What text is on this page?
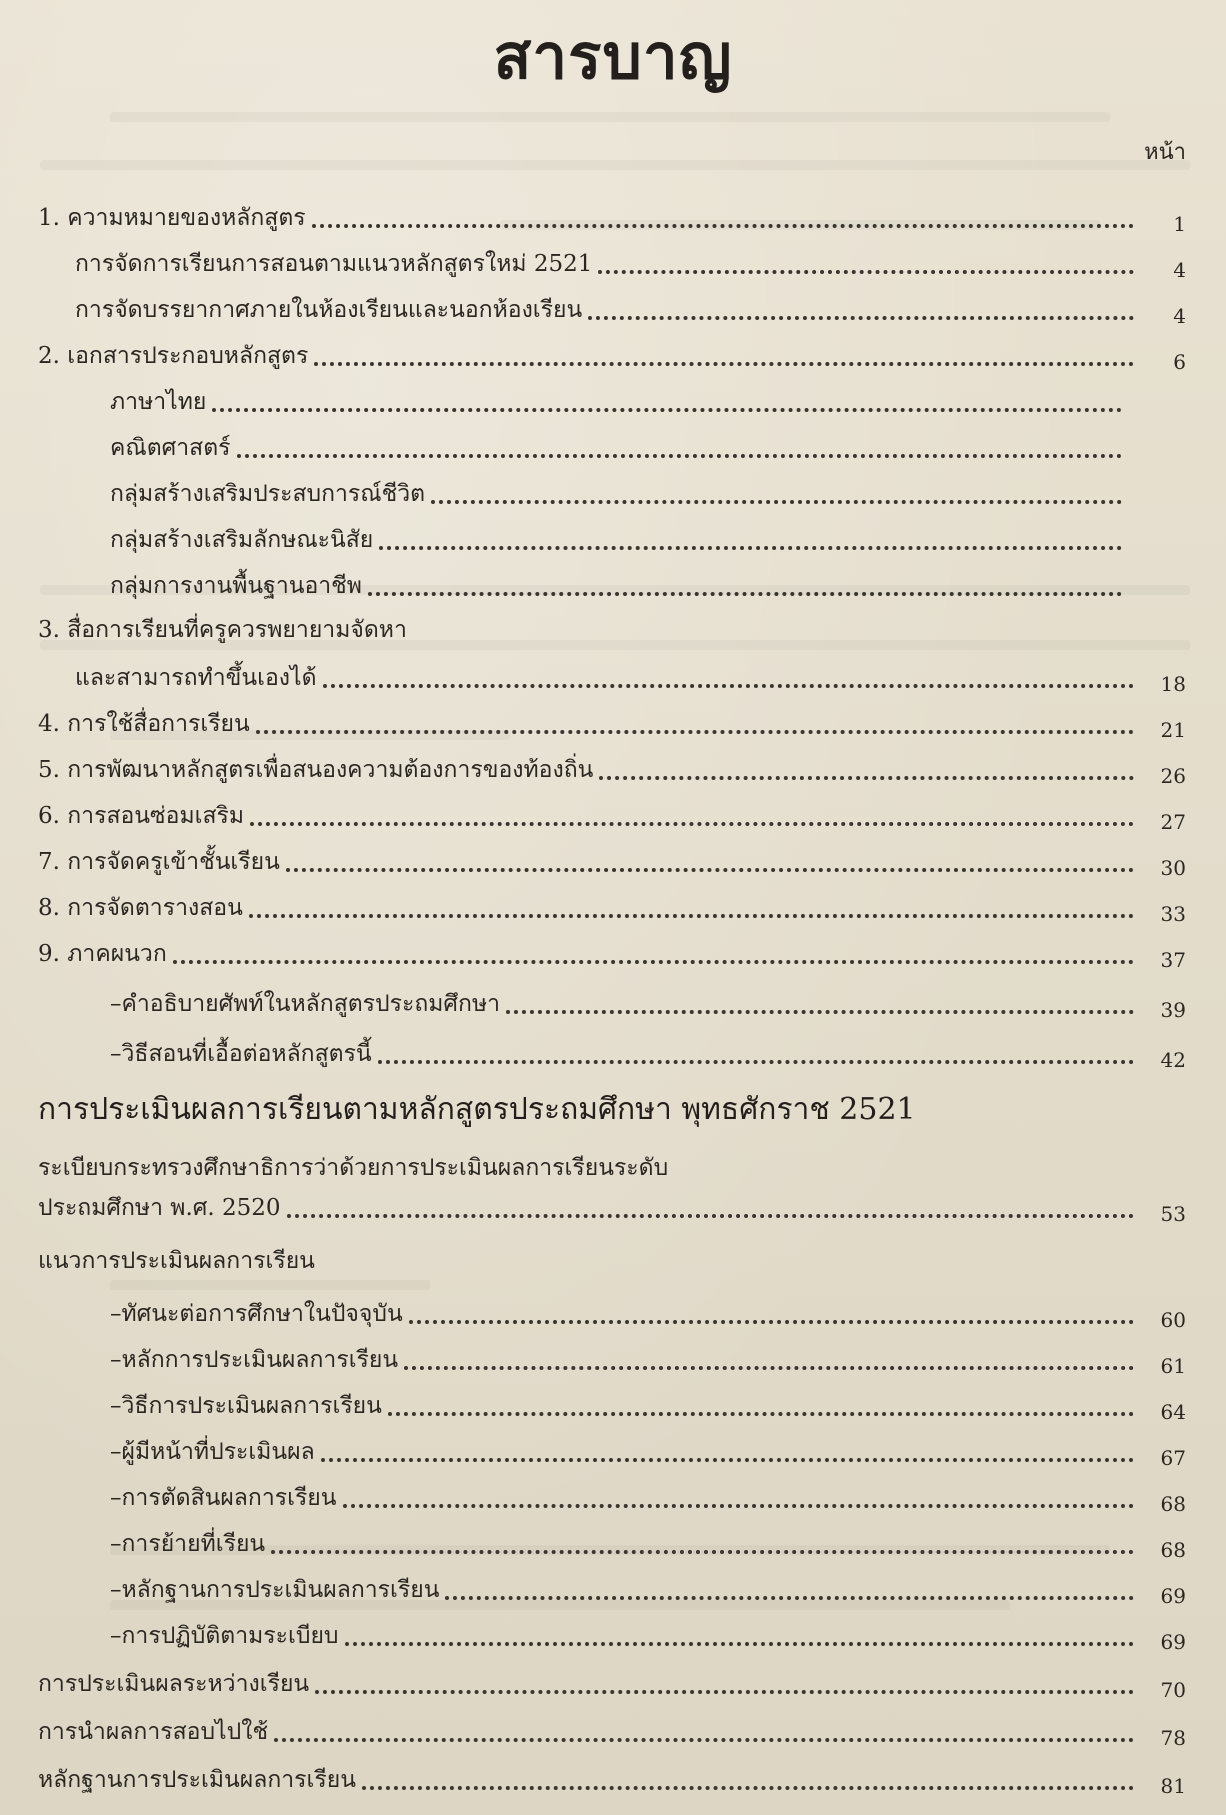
สารบาญ
หน้า
1. ความหมายของหลักสูตร	1
การจัดการเรียนการสอนตามแนวหลักสูตรใหม่ 2521	4
การจัดบรรยากาศภายในห้องเรียนและนอกห้องเรียน	4
2. เอกสารประกอบหลักสูตร	6
ภาษาไทย
คณิตศาสตร์
กลุ่มสร้างเสริมประสบการณ์ชีวิต
กลุ่มสร้างเสริมลักษณะนิสัย
กลุ่มการงานพื้นฐานอาชีพ
3. สื่อการเรียนที่ครูควรพยายามจัดหา
และสามารถทำขึ้นเองได้	18
4. การใช้สื่อการเรียน	21
5. การพัฒนาหลักสูตรเพื่อสนองความต้องการของท้องถิ่น	26
6. การสอนซ่อมเสริม	27
7. การจัดครูเข้าชั้นเรียน	30
8. การจัดตารางสอน	33
9. ภาคผนวก	37
–คำอธิบายศัพท์ในหลักสูตรประถมศึกษา	39
–วิธีสอนที่เอื้อต่อหลักสูตรนี้	42
การประเมินผลการเรียนตามหลักสูตรประถมศึกษา พุทธศักราช 2521
ระเบียบกระทรวงศึกษาธิการว่าด้วยการประเมินผลการเรียนระดับ
ประถมศึกษา พ.ศ. 2520	53
แนวการประเมินผลการเรียน
–ทัศนะต่อการศึกษาในปัจจุบัน	60
–หลักการประเมินผลการเรียน	61
–วิธีการประเมินผลการเรียน	64
–ผู้มีหน้าที่ประเมินผล	67
–การตัดสินผลการเรียน	68
–การย้ายที่เรียน	68
–หลักฐานการประเมินผลการเรียน	69
–การปฏิบัติตามระเบียบ	69
การประเมินผลระหว่างเรียน	70
การนำผลการสอบไปใช้	78
หลักฐานการประเมินผลการเรียน	81
